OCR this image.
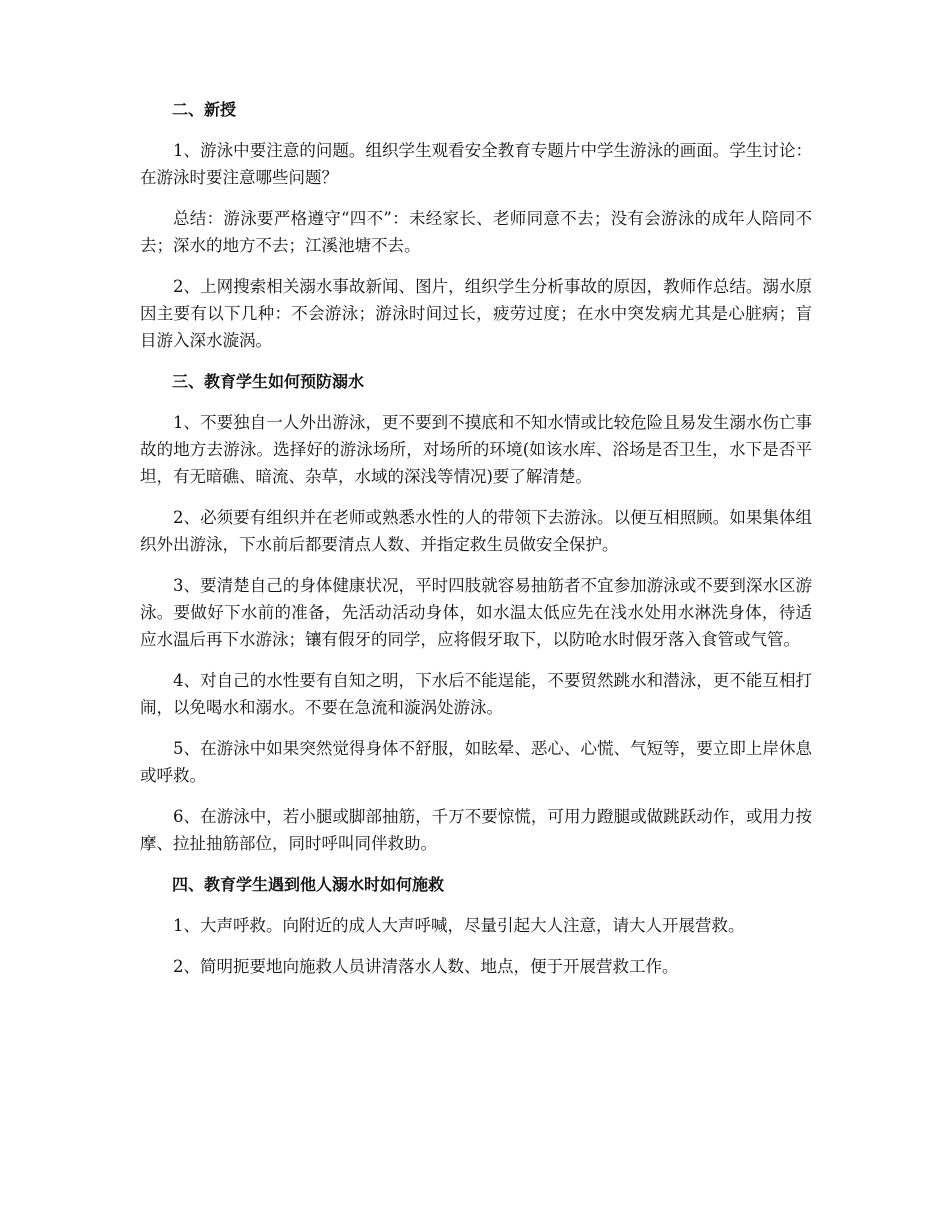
二、新授
1、游泳中要注意的问题。组织学生观看安全教育专题片中学生游泳的画面。学生讨论：在游泳时要注意哪些问题？
总结：游泳要严格遵守“四不”：未经家长、老师同意不去；没有会游泳的成年人陪同不去；深水的地方不去；江溪池塘不去。
2、上网搜索相关溺水事故新闻、图片，组织学生分析事故的原因，教师作总结。溺水原因主要有以下几种：不会游泳；游泳时间过长，疲劳过度；在水中突发病尤其是心脏病；盲目游入深水漩涡。
三、教育学生如何预防溺水
1、不要独自一人外出游泳，更不要到不摸底和不知水情或比较危险且易发生溺水伤亡事故的地方去游泳。选择好的游泳场所，对场所的环境(如该水库、浴场是否卫生，水下是否平坦，有无暗礁、暗流、杂草，水域的深浅等情况)要了解清楚。
2、必须要有组织并在老师或熟悉水性的人的带领下去游泳。以便互相照顾。如果集体组织外出游泳，下水前后都要清点人数、并指定救生员做安全保护。
3、要清楚自己的身体健康状况，平时四肢就容易抽筋者不宜参加游泳或不要到深水区游泳。要做好下水前的准备，先活动活动身体，如水温太低应先在浅水处用水淋洗身体，待适应水温后再下水游泳；镶有假牙的同学，应将假牙取下，以防呛水时假牙落入食管或气管。
4、对自己的水性要有自知之明，下水后不能逞能，不要贸然跳水和潜泳，更不能互相打闹，以免喝水和溺水。不要在急流和漩涡处游泳。
5、在游泳中如果突然觉得身体不舒服，如眩晕、恶心、心慌、气短等，要立即上岸休息或呼救。
6、在游泳中，若小腿或脚部抽筋，千万不要惊慌，可用力蹬腿或做跳跃动作，或用力按摩、拉扯抽筋部位，同时呼叫同伴救助。
四、教育学生遇到他人溺水时如何施救
1、大声呼救。向附近的成人大声呼喊，尽量引起大人注意，请大人开展营救。
2、简明扼要地向施救人员讲清落水人数、地点，便于开展营救工作。
